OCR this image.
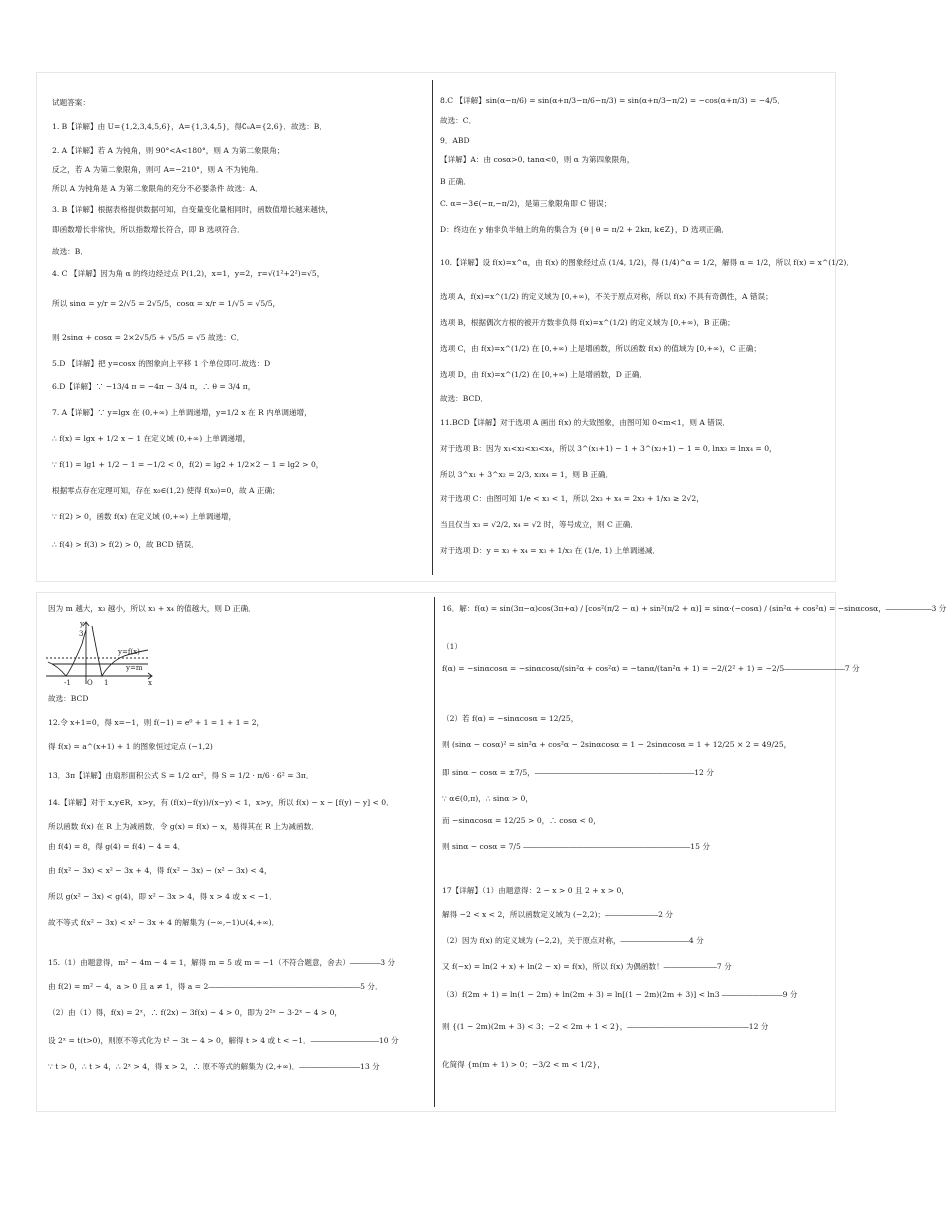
试题答案：

1. B【详解】由 U={1,2,3,4,5,6}，A={1,3,4,5}，得∁ᵤA={2,6}．故选：B．

2. A【详解】若 A 为钝角，则 90°<A<180°，则 A 为第二象限角；

反之，若 A 为第二象限角，则可 A=−210°，则 A 不为钝角．

所以 A 为钝角是 A 为第二象限角的充分不必要条件 故选：A．

3. B【详解】根据表格提供数据可知，自变量变化量相同时，函数值增长越来越快，

即函数增长非常快，所以指数增长符合，即 B 选项符合．

故选：B．

4. C 【详解】因为角 α 的终边经过点 P(1,2)，x=1，y=2，r=√(1²+2²)=√5，

所以 sinα = y/r = 2/√5 = 2√5/5，cosα = x/r = 1/√5 = √5/5，

则 2sinα + cosα = 2×2√5/5 + √5/5 = √5 故选：C．

5.D 【详解】把 y=cosx 的图象向上平移 1 个单位即可.故选：D

6.D【详解】∵ −13/4 π = −4π − 3/4 π，∴ θ = 3/4 π，

7. A【详解】∵ y=lgx 在 (0,+∞) 上单调递增，y=1/2 x 在 R 内单调递增，

∴ f(x) = lgx + 1/2 x − 1 在定义域 (0,+∞) 上单调递增，

∵ f(1) = lg1 + 1/2 − 1 = −1/2 < 0，f(2) = lg2 + 1/2×2 − 1 = lg2 > 0，

根据零点存在定理可知，存在 x₀∈(1,2) 使得 f(x₀)=0，故 A 正确；

∵ f(2) > 0，函数 f(x) 在定义域 (0,+∞) 上单调递增，

∴ f(4) > f(3) > f(2) > 0，故 BCD 错误．

8.C 【详解】sin(α−π/6) = sin(α+π/3−π/6−π/3) = sin(α+π/3−π/2) = −cos(α+π/3) = −4/5．

故选：C．

9．ABD

【详解】A：由 cosα>0, tanα<0，则 α 为第四象限角，

B 正确．

C. α=−3∈(−π,−π/2)，是第三象限角即 C 错误；

D：终边在 y 轴非负半轴上的角的集合为 {θ | θ = π/2 + 2kπ, k∈Z}，D 选项正确．

10.【详解】设 f(x)=x^α，由 f(x) 的图象经过点 (1/4, 1/2)，得 (1/4)^α = 1/2，解得 α = 1/2，所以 f(x) = x^(1/2)．

选项 A，f(x)=x^(1/2) 的定义域为 [0,+∞)，不关于原点对称，所以 f(x) 不具有奇偶性，A 错误；

选项 B，根据偶次方根的被开方数非负得 f(x)=x^(1/2) 的定义域为 [0,+∞)，B 正确；

选项 C，由 f(x)=x^(1/2) 在 [0,+∞) 上是增函数，所以函数 f(x) 的值域为 [0,+∞)，C 正确；

选项 D，由 f(x)=x^(1/2) 在 [0,+∞) 上是增函数，D 正确．

故选：BCD．

11.BCD【详解】对于选项 A 画出 f(x) 的大致图象，由图可知 0<m<1，则 A 错误．

对于选项 B：因为 x₁<x₂<x₃<x₄，所以 3^(x₁+1) − 1 + 3^(x₂+1) − 1 = 0, lnx₃ = lnx₄ = 0，

所以 3^x₁ + 3^x₂ = 2/3, x₃x₄ = 1，则 B 正确．

对于选项 C：由图可知 1/e < x₃ < 1，所以 2x₃ + x₄ = 2x₃ + 1/x₃ ≥ 2√2，

当且仅当 x₃ = √2/2, x₄ = √2 时，等号成立，则 C 正确．

对于选项 D：y = x₃ + x₄ = x₃ + 1/x₃ 在 (1/e, 1) 上单调递减．

因为 m 越大，x₃ 越小，所以 x₃ + x₄ 的值越大，则 D 正确．

故选：BCD

12.令 x+1=0，得 x=−1，则 f(−1) = e⁰ + 1 = 1 + 1 = 2，

得 f(x) = a^(x+1) + 1 的图象恒过定点 (−1,2)

13．3π【详解】由扇形面积公式 S = 1/2 αr²，得 S = 1/2 · π/6 · 6² = 3π．

14.【详解】对于 x,y∈R，x>y，有 (f(x)−f(y))/(x−y) < 1，x>y，所以 f(x) − x − [f(y) − y] < 0．

所以函数 f(x) 在 R 上为减函数．令 g(x) = f(x) − x，易得其在 R 上为减函数．

由 f(4) = 8，得 g(4) = f(4) − 4 = 4．

由 f(x² − 3x) < x² − 3x + 4，得 f(x² − 3x) − (x² − 3x) < 4，

所以 g(x² − 3x) < g(4)，即 x² − 3x > 4，得 x > 4 或 x < −1．

故不等式 f(x² − 3x) < x² − 3x + 4 的解集为 (−∞,−1)∪(4,+∞)．

15.（1）由题意得，m² − 4m − 4 = 1，解得 m = 5 或 m = −1（不符合题意，舍去）――――3 分

由 f(2) = m² − 4，a > 0 且 a ≠ 1，得 a = 2――――――――――――――――――――5 分．

（2）由（1）得，f(x) = 2ˣ，∴ f(2x) − 3f(x) − 4 > 0，即为 2²ˣ − 3·2ˣ − 4 > 0，

设 2ˣ = t(t>0)，则原不等式化为 t² − 3t − 4 > 0，解得 t > 4 或 t < −1．―――――――――10 分

∵ t > 0，∴ t > 4，∴ 2ˣ > 4，得 x > 2，∴ 原不等式的解集为 (2,+∞)．――――――――13 分

y
3
y=f(x)
y=m
-1 O 1	x

16．解：f(α) = sin(3π−α)cos(3π+α) / [cos²(π/2 − α) + sin²(π/2 + α)] = sinα·(−cosα) / (sin²α + cos²α) = −sinαcosα，――――――3 分

（1）

f(α) = −sinαcosα = −sinαcosα/(sin²α + cos²α) = −tanα/(tan²α + 1) = −2/(2² + 1) = −2/5――――――――7 分

（2）若 f(α) = −sinαcosα = 12/25，

则 (sinα − cosα)² = sin²α + cos²α − 2sinαcosα = 1 − 2sinαcosα = 1 + 12/25 × 2 = 49/25，

即 sinα − cosα = ±7/5，―――――――――――――――――――――12 分

∵ α∈(0,π)，∴ sinα > 0，

而 −sinαcosα = 12/25 > 0，∴ cosα < 0，

则 sinα − cosα = 7/5 ――――――――――――――――――――――15 分

17【详解】（1）由题意得：2 − x > 0 且 2 + x > 0，

解得 −2 < x < 2，所以函数定义域为 (−2,2)；―――――――2 分

（2）因为 f(x) 的定义域为 (−2,2)，关于原点对称，―――――――――4 分

又 f(−x) = ln(2 + x) + ln(2 − x) = f(x)，所以 f(x) 为偶函数！―――――――7 分

（3）f(2m + 1) = ln(1 − 2m) + ln(2m + 3) = ln[(1 − 2m)(2m + 3)] < ln3 ――――――――9 分

则 {(1 − 2m)(2m + 3) < 3；−2 < 2m + 1 < 2}，――――――――――――――――12 分

化简得 {m(m + 1) > 0；−3/2 < m < 1/2}，
